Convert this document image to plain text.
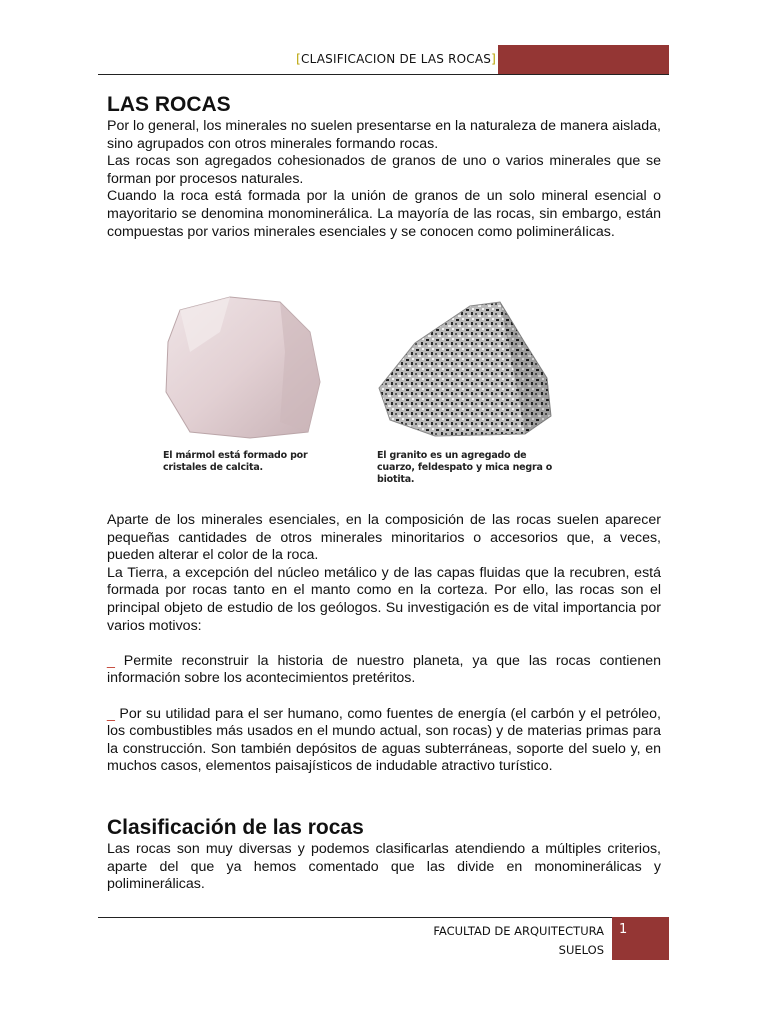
[CLASIFICACION DE LAS ROCAS]
LAS ROCAS

Por lo general, los minerales no suelen presentarse en la naturaleza de manera aislada, sino agrupados con otros minerales formando rocas.

Las rocas son agregados cohesionados de granos de uno o varios minerales que se forman por procesos naturales.

Cuando la roca está formada por la unión de granos de un solo mineral esencial o mayoritario se denomina monomineráIica. La mayoría de las rocas, sin embargo, están compuestas por varios minerales esenciales y se conocen como polimineráIicas.

El mármol está formado por cristales de calcita.
El granito es un agregado de cuarzo, feldespato y mica negra o biotita.

Aparte de los minerales esenciales, en la composición de las rocas suelen aparecer pequeñas cantidades de otros minerales minoritarios o accesorios que, a veces, pueden alterar el color de la roca.

La Tierra, a excepción del núcleo metálico y de las capas fluidas que la recubren, está formada por rocas tanto en el manto como en la corteza. Por ello, las rocas son el principal objeto de estudio de los geólogos. Su investigación es de vital importancia por varios motivos:

_ Permite reconstruir la historia de nuestro planeta, ya que las rocas contienen información sobre los acontecimientos pretéritos.

_ Por su utilidad para el ser humano, como fuentes de energía (el carbón y el petróleo, los combustibles más usados en el mundo actual, son rocas) y de materias primas para la construcción. Son también depósitos de aguas subterráneas, soporte del suelo y, en muchos casos, elementos paisajísticos de indudable atractivo turístico.

Clasificación de las rocas

Las rocas son muy diversas y podemos clasificarlas atendiendo a múltiples criterios, aparte del que ya hemos comentado que las divide en monominerálicas y poliminerálicas.

FACULTAD DE ARQUITECTURA
SUELOS
1
